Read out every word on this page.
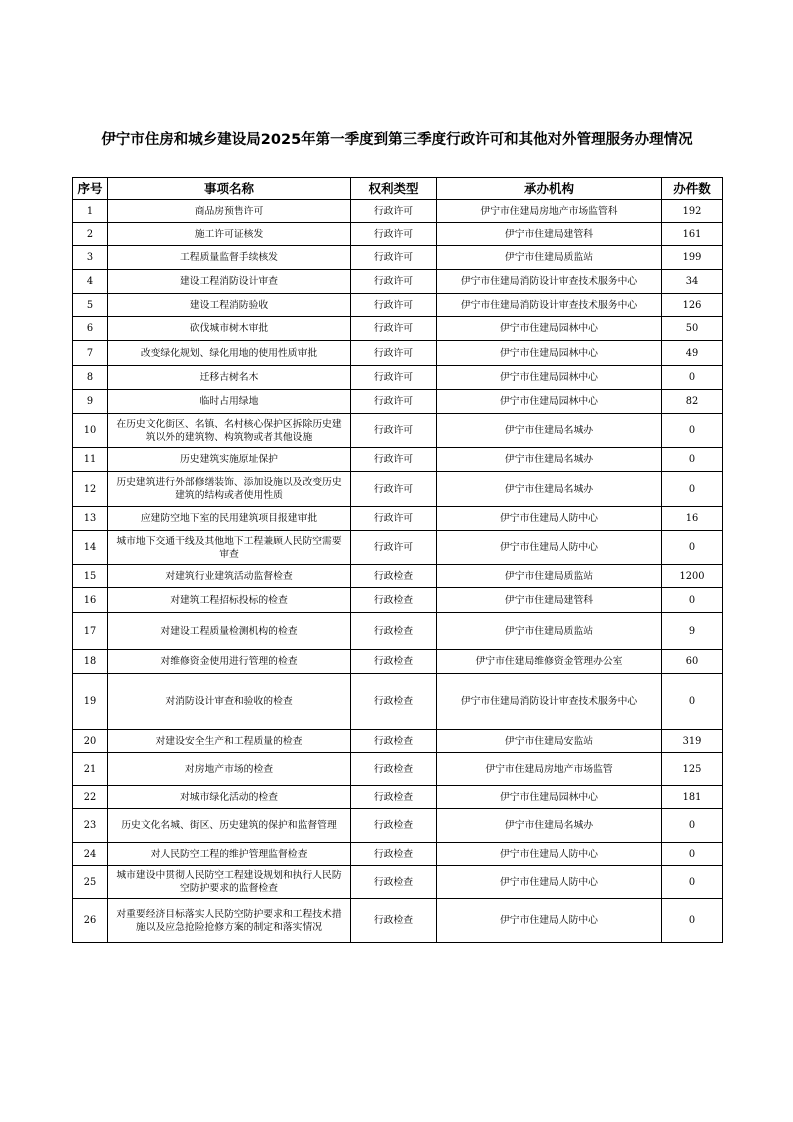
伊宁市住房和城乡建设局2025年第一季度到第三季度行政许可和其他对外管理服务办理情况
序号	事项名称	权利类型	承办机构	办件数
1	商品房预售许可	行政许可	伊宁市住建局房地产市场监管科	192
2	施工许可证核发	行政许可	伊宁市住建局建管科	161
3	工程质量监督手续核发	行政许可	伊宁市住建局质监站	199
4	建设工程消防设计审查	行政许可	伊宁市住建局消防设计审查技术服务中心	34
5	建设工程消防验收	行政许可	伊宁市住建局消防设计审查技术服务中心	126
6	砍伐城市树木审批	行政许可	伊宁市住建局园林中心	50
7	改变绿化规划、绿化用地的使用性质审批	行政许可	伊宁市住建局园林中心	49
8	迁移古树名木	行政许可	伊宁市住建局园林中心	0
9	临时占用绿地	行政许可	伊宁市住建局园林中心	82
10	在历史文化街区、名镇、名村核心保护区拆除历史建筑以外的建筑物、构筑物或者其他设施	行政许可	伊宁市住建局名城办	0
11	历史建筑实施原址保护	行政许可	伊宁市住建局名城办	0
12	历史建筑进行外部修缮装饰、添加设施以及改变历史建筑的结构或者使用性质	行政许可	伊宁市住建局名城办	0
13	应建防空地下室的民用建筑项目报建审批	行政许可	伊宁市住建局人防中心	16
14	城市地下交通干线及其他地下工程兼顾人民防空需要审查	行政许可	伊宁市住建局人防中心	0
15	对建筑行业建筑活动监督检查	行政检查	伊宁市住建局质监站	1200
16	对建筑工程招标投标的检查	行政检查	伊宁市住建局建管科	0
17	对建设工程质量检测机构的检查	行政检查	伊宁市住建局质监站	9
18	对维修资金使用进行管理的检查	行政检查	伊宁市住建局维修资金管理办公室	60
19	对消防设计审查和验收的检查	行政检查	伊宁市住建局消防设计审查技术服务中心	0
20	对建设安全生产和工程质量的检查	行政检查	伊宁市住建局安监站	319
21	对房地产市场的检查	行政检查	伊宁市住建局房地产市场监管	125
22	对城市绿化活动的检查	行政检查	伊宁市住建局园林中心	181
23	历史文化名城、街区、历史建筑的保护和监督管理	行政检查	伊宁市住建局名城办	0
24	对人民防空工程的维护管理监督检查	行政检查	伊宁市住建局人防中心	0
25	城市建设中贯彻人民防空工程建设规划和执行人民防空防护要求的监督检查	行政检查	伊宁市住建局人防中心	0
26	对重要经济目标落实人民防空防护要求和工程技术措施以及应急抢险抢修方案的制定和落实情况	行政检查	伊宁市住建局人防中心	0
